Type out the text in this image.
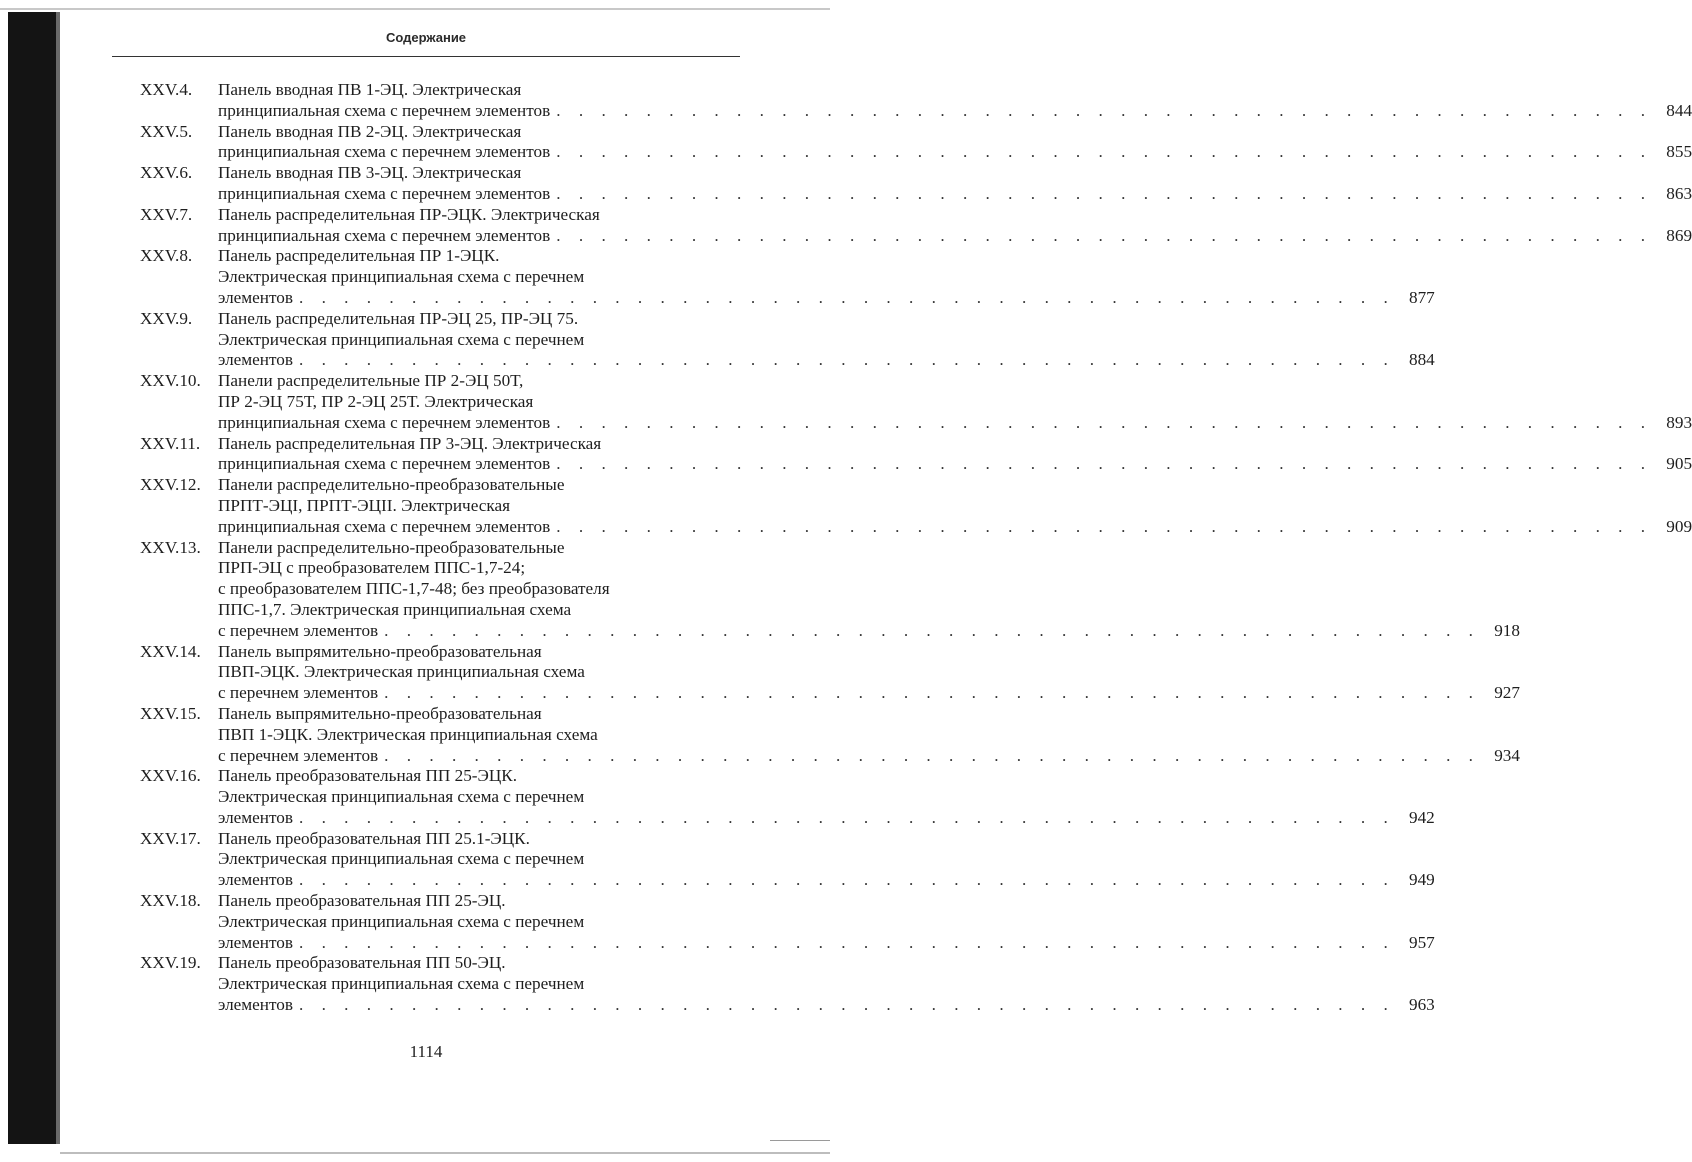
Содержание
XXV.4.	Панель вводная ПВ 1-ЭЦ. Электрическая
принципиальная схема с перечнем элементов . . .	844
XXV.5.	Панель вводная ПВ 2-ЭЦ. Электрическая
принципиальная схема с перечнем элементов . . .	855
XXV.6.	Панель вводная ПВ 3-ЭЦ. Электрическая
принципиальная схема с перечнем элементов . . .	863
XXV.7.	Панель распределительная ПР-ЭЦК. Электрическая
принципиальная схема с перечнем элементов . . .	869
XXV.8.	Панель распределительная ПР 1-ЭЦК.
Электрическая принципиальная схема с перечнем
элементов . . .	877
XXV.9.	Панель распределительная ПР-ЭЦ 25, ПР-ЭЦ 75.
Электрическая принципиальная схема с перечнем
элементов . . .	884
XXV.10. Панели распределительные ПР 2-ЭЦ 50Т,
ПР 2-ЭЦ 75Т, ПР 2-ЭЦ 25Т. Электрическая
принципиальная схема с перечнем элементов . . .	893
XXV.11.	Панель распределительная ПР 3-ЭЦ. Электрическая
принципиальная схема с перечнем элементов . . .	905
XXV.12. Панели распределительно-преобразовательные
ПРПТ-ЭЦI, ПРПТ-ЭЦII. Электрическая
принципиальная схема с перечнем элементов . . .	909
XXV.13. Панели распределительно-преобразовательные
ПРП-ЭЦ с преобразователем ППС-1,7-24;
с преобразователем ППС-1,7-48; без преобразователя
ППС-1,7. Электрическая принципиальная схема
с перечнем элементов . . .	918
XXV.14. Панель выпрямительно-преобразовательная
ПВП-ЭЦК. Электрическая принципиальная схема
с перечнем элементов . . .	927
XXV.15. Панель выпрямительно-преобразовательная
ПВП 1-ЭЦК. Электрическая принципиальная схема
с перечнем элементов . . .	934
XXV.16. Панель преобразовательная ПП 25-ЭЦК.
Электрическая принципиальная схема с перечнем
элементов . . .	942
XXV.17. Панель преобразовательная ПП 25.1-ЭЦК.
Электрическая принципиальная схема с перечнем
элементов . . .	949
XXV.18. Панель преобразовательная ПП 25-ЭЦ.
Электрическая принципиальная схема с перечнем
элементов . . .	957
XXV.19. Панель преобразовательная ПП 50-ЭЦ.
Электрическая принципиальная схема с перечнем
элементов . . .	963
1114
